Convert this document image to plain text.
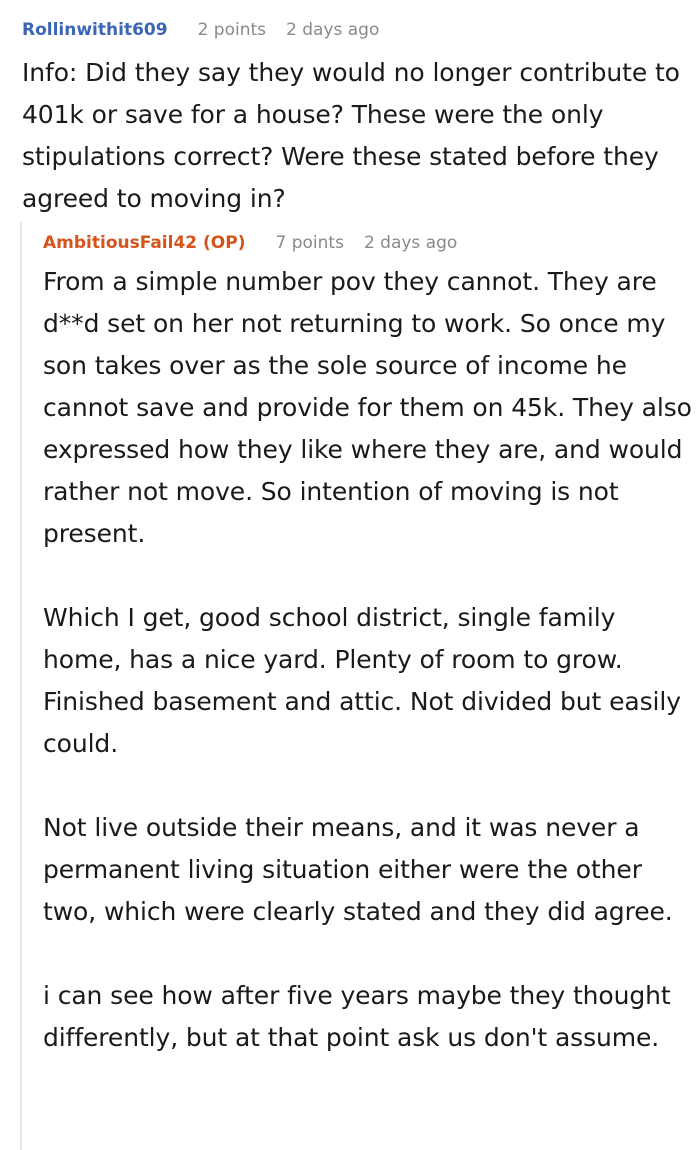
Rollinwithit609 2 points 2 days ago

Info: Did they say they would no longer contribute to 401k or save for a house? These were the only stipulations correct? Were these stated before they agreed to moving in?

AmbitiousFail42 (OP) 7 points 2 days ago

From a simple number pov they cannot. They are d**d set on her not returning to work. So once my son takes over as the sole source of income he cannot save and provide for them on 45k. They also expressed how they like where they are, and would rather not move. So intention of moving is not present.

Which I get, good school district, single family home, has a nice yard. Plenty of room to grow. Finished basement and attic. Not divided but easily could.

Not live outside their means, and it was never a permanent living situation either were the other two, which were clearly stated and they did agree.

i can see how after five years maybe they thought differently, but at that point ask us don't assume.
